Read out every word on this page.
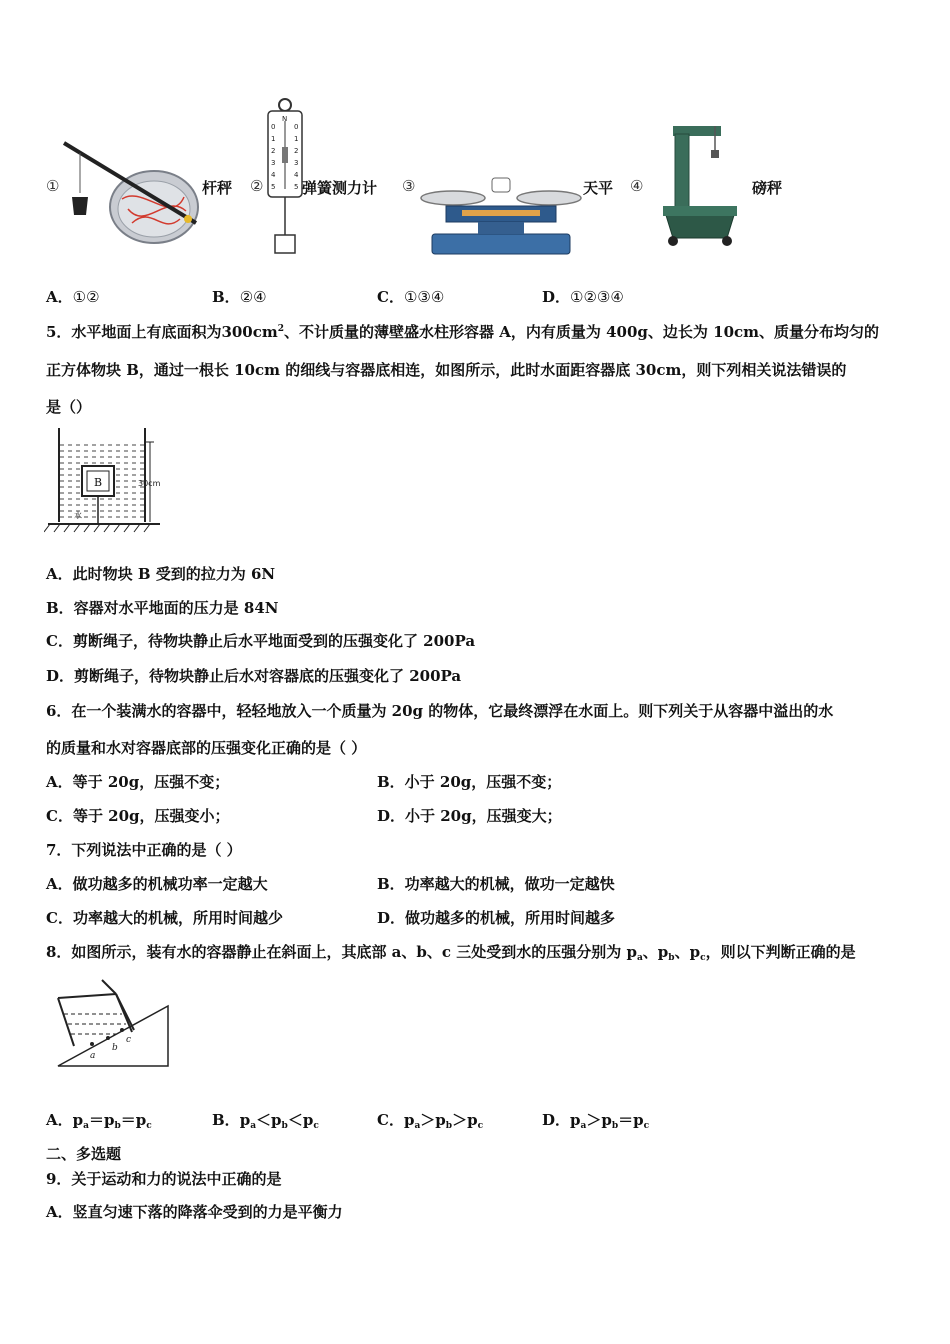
①	杆秤 ②
N
0
1
2
3
4
5
0
1
2
3
4
5 弹簧测力计 ③	天平 ④	磅秤
A．①②	B．②④	C．①③④	D．①②③④
5．水平地面上有底面积为$300cm^2$、不计质量的薄壁盛水柱形容器 A，内有质量为 400g、边长为 10cm、质量分布均匀的
正方体物块 B，通过一根长 10cm 的细线与容器底相连，如图所示，此时水面距容器底 30cm，则下列相关说法错误的
是（）
B	30cm
水
A．此时物块 B 受到的拉力为 6N
B．容器对水平地面的压力是 84N
C．剪断绳子，待物块静止后水平地面受到的压强变化了 200Pa
D．剪断绳子，待物块静止后水对容器底的压强变化了 200Pa
6．在一个装满水的容器中，轻轻地放入一个质量为 20g 的物体，它最终漂浮在水面上。则下列关于从容器中溢出的水
的质量和水对容器底部的压强变化正确的是（ ）
A．等于 20g，压强不变；	B．小于 20g，压强不变；
C．等于 20g，压强变小；	D．小于 20g，压强变大；
7．下列说法中正确的是（ ）
A．做功越多的机械功率一定越大	B．功率越大的机械，做功一定越快
C．功率越大的机械，所用时间越少	D．做功越多的机械，所用时间越多
8．如图所示，装有水的容器静止在斜面上，其底部 a、b、c 三处受到水的压强分别为 $p_a$、$p_b$、$p_c$，则以下判断正确的是
a
b
c
A．$p_a=p_b=p_c$	B．$p_a<p_b<p_c$	C．$p_a>p_b>p_c$	D．$p_a>p_b=p_c$
二、多选题
9．关于运动和力的说法中正确的是
A．竖直匀速下落的降落伞受到的力是平衡力
